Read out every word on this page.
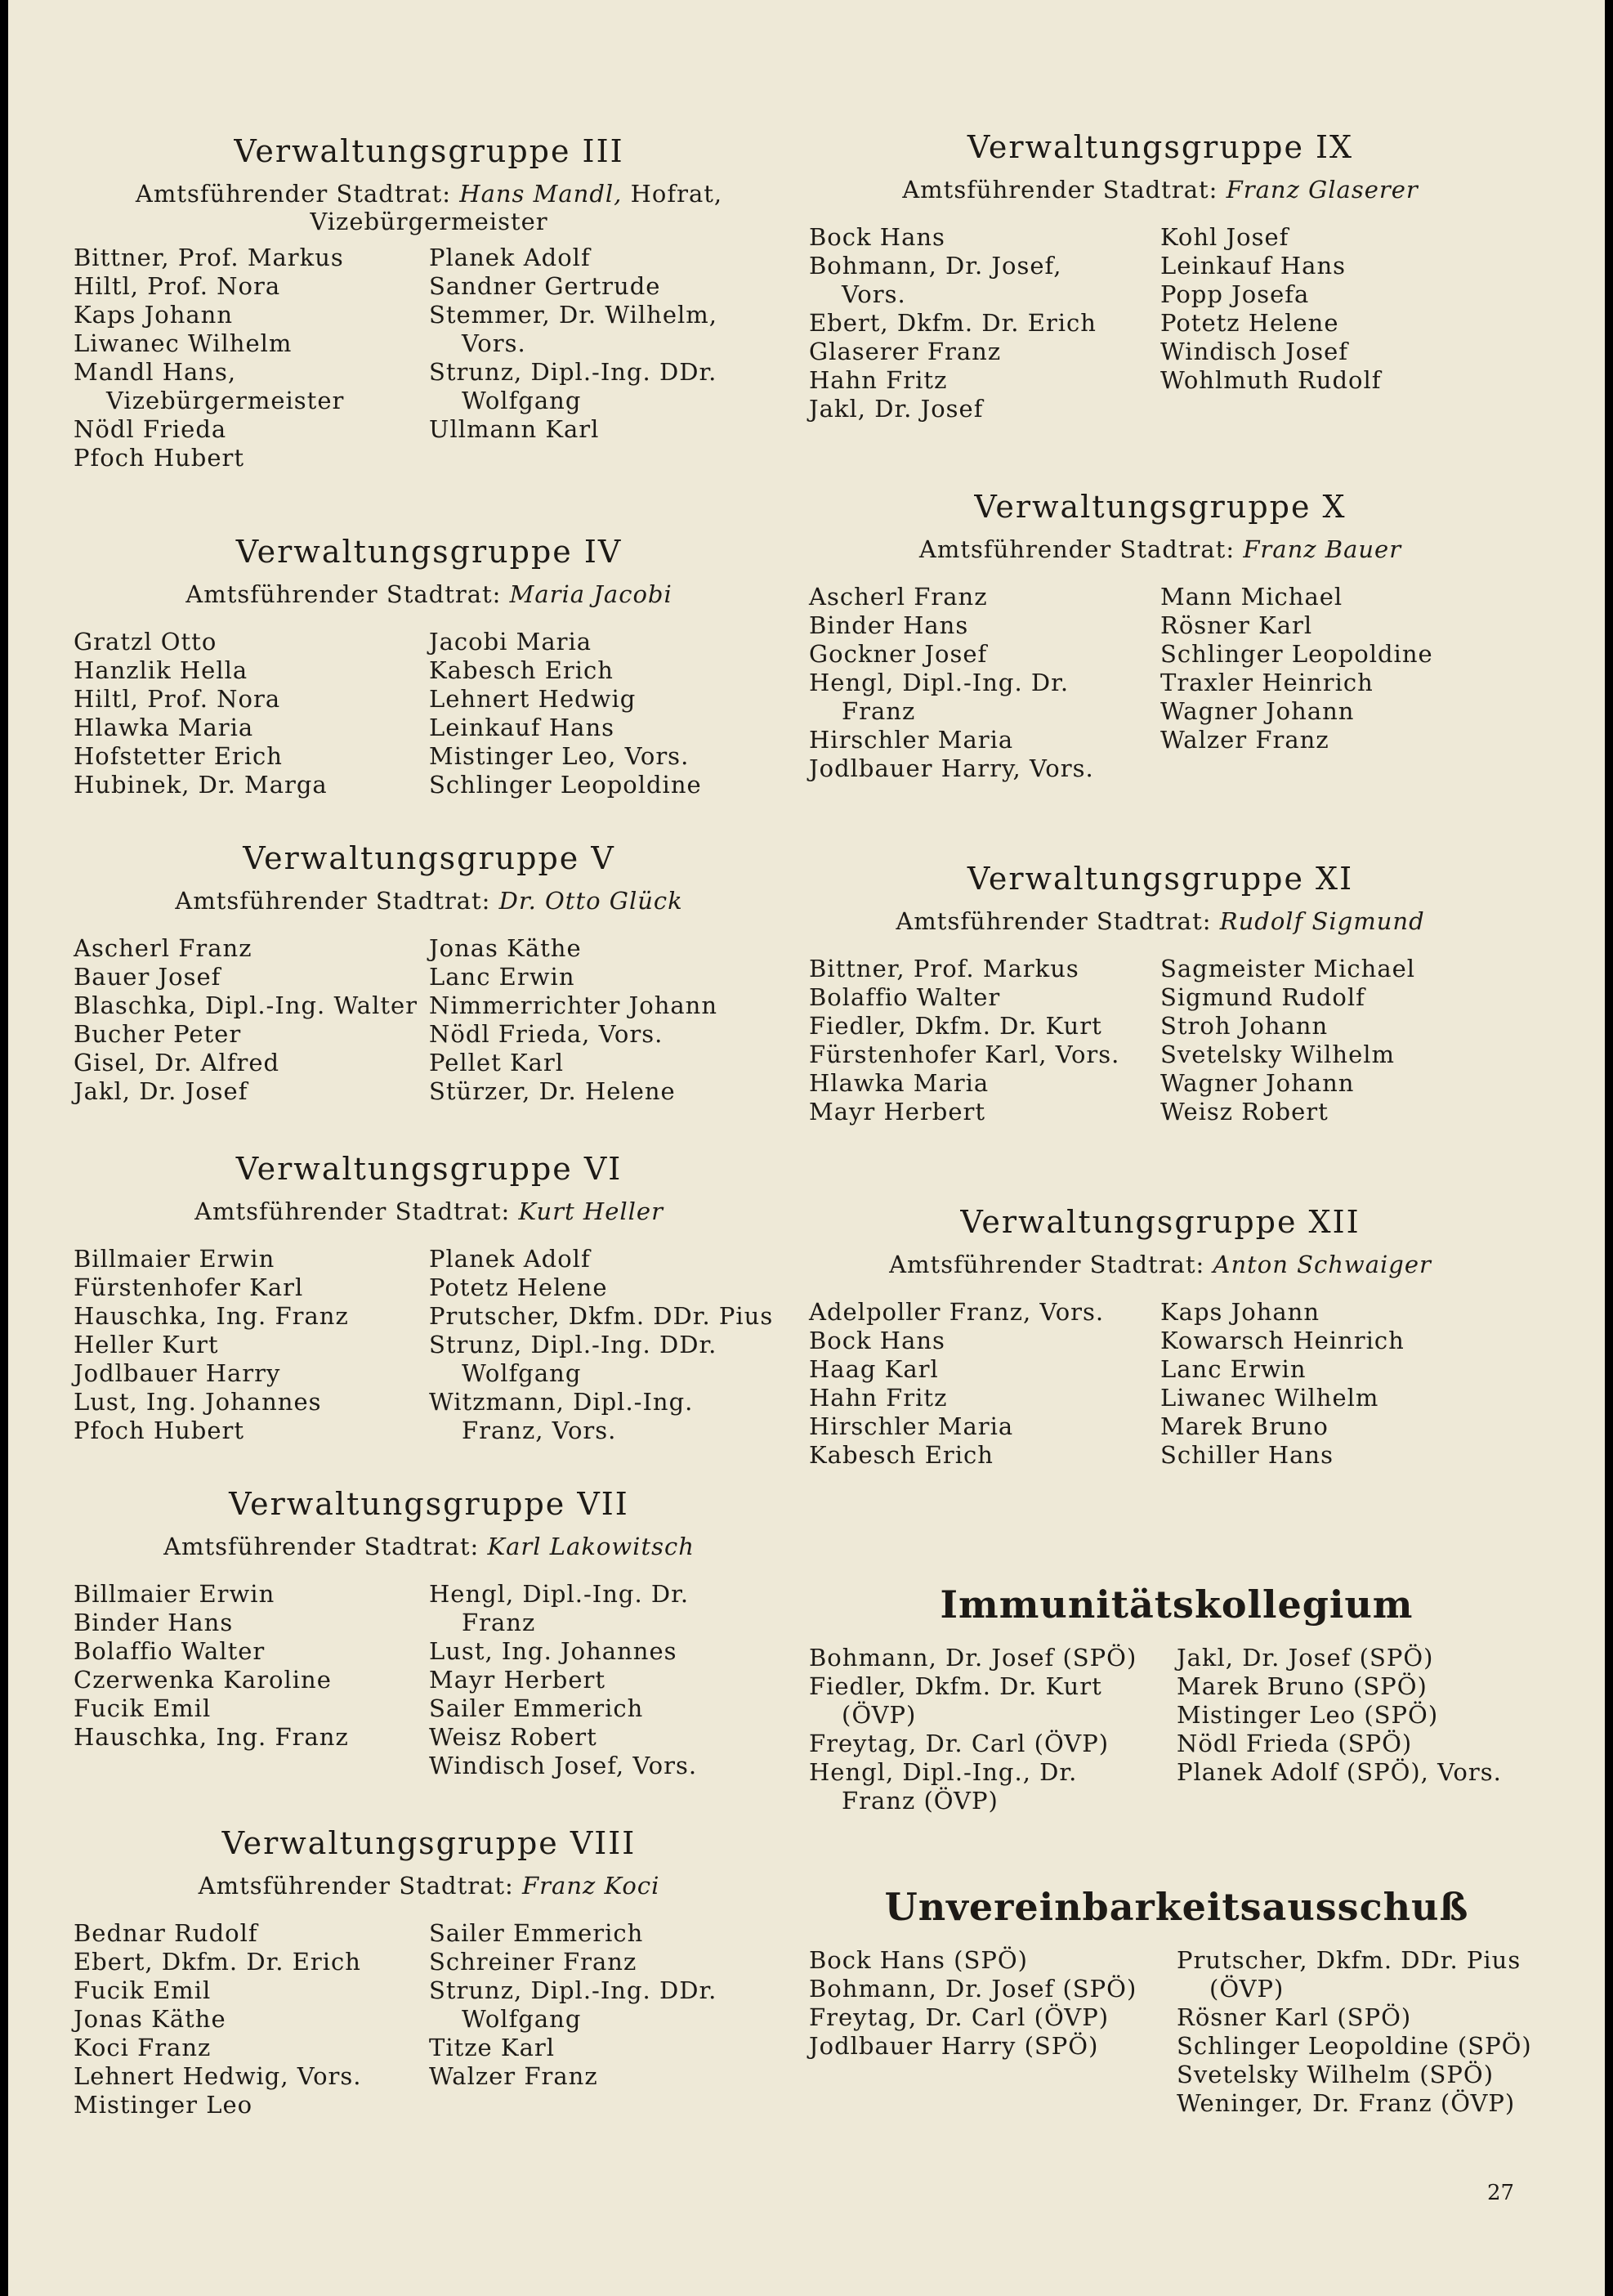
Verwaltungsgruppe III
Amtsführender Stadtrat: Hans Mandl, Hofrat,
Vizebürgermeister
Bittner, Prof. Markus
Hiltl, Prof. Nora
Kaps Johann
Liwanec Wilhelm
Mandl Hans,
Vizebürgermeister
Nödl Frieda
Pfoch Hubert
Planek Adolf
Sandner Gertrude
Stemmer, Dr. Wilhelm,
Vors.
Strunz, Dipl.-Ing. DDr.
Wolfgang
Ullmann Karl
Verwaltungsgruppe IV
Amtsführender Stadtrat: Maria Jacobi
Gratzl Otto
Hanzlik Hella
Hiltl, Prof. Nora
Hlawka Maria
Hofstetter Erich
Hubinek, Dr. Marga
Jacobi Maria
Kabesch Erich
Lehnert Hedwig
Leinkauf Hans
Mistinger Leo, Vors.
Schlinger Leopoldine
Verwaltungsgruppe V
Amtsführender Stadtrat: Dr. Otto Glück
Ascherl Franz
Bauer Josef
Blaschka, Dipl.-Ing. Walter
Bucher Peter
Gisel, Dr. Alfred
Jakl, Dr. Josef
Jonas Käthe
Lanc Erwin
Nimmerrichter Johann
Nödl Frieda, Vors.
Pellet Karl
Stürzer, Dr. Helene
Verwaltungsgruppe VI
Amtsführender Stadtrat: Kurt Heller
Billmaier Erwin
Fürstenhofer Karl
Hauschka, Ing. Franz
Heller Kurt
Jodlbauer Harry
Lust, Ing. Johannes
Pfoch Hubert
Planek Adolf
Potetz Helene
Prutscher, Dkfm. DDr. Pius
Strunz, Dipl.-Ing. DDr.
Wolfgang
Witzmann, Dipl.-Ing.
Franz, Vors.
Verwaltungsgruppe VII
Amtsführender Stadtrat: Karl Lakowitsch
Billmaier Erwin
Binder Hans
Bolaffio Walter
Czerwenka Karoline
Fucik Emil
Hauschka, Ing. Franz
Hengl, Dipl.-Ing. Dr.
Franz
Lust, Ing. Johannes
Mayr Herbert
Sailer Emmerich
Weisz Robert
Windisch Josef, Vors.
Verwaltungsgruppe VIII
Amtsführender Stadtrat: Franz Koci
Bednar Rudolf
Ebert, Dkfm. Dr. Erich
Fucik Emil
Jonas Käthe
Koci Franz
Lehnert Hedwig, Vors.
Mistinger Leo
Sailer Emmerich
Schreiner Franz
Strunz, Dipl.-Ing. DDr.
Wolfgang
Titze Karl
Walzer Franz
Verwaltungsgruppe IX
Amtsführender Stadtrat: Franz Glaserer
Bock Hans
Bohmann, Dr. Josef,
Vors.
Ebert, Dkfm. Dr. Erich
Glaserer Franz
Hahn Fritz
Jakl, Dr. Josef
Kohl Josef
Leinkauf Hans
Popp Josefa
Potetz Helene
Windisch Josef
Wohlmuth Rudolf
Verwaltungsgruppe X
Amtsführender Stadtrat: Franz Bauer
Ascherl Franz
Binder Hans
Gockner Josef
Hengl, Dipl.-Ing. Dr.
Franz
Hirschler Maria
Jodlbauer Harry, Vors.
Mann Michael
Rösner Karl
Schlinger Leopoldine
Traxler Heinrich
Wagner Johann
Walzer Franz
Verwaltungsgruppe XI
Amtsführender Stadtrat: Rudolf Sigmund
Bittner, Prof. Markus
Bolaffio Walter
Fiedler, Dkfm. Dr. Kurt
Fürstenhofer Karl, Vors.
Hlawka Maria
Mayr Herbert
Sagmeister Michael
Sigmund Rudolf
Stroh Johann
Svetelsky Wilhelm
Wagner Johann
Weisz Robert
Verwaltungsgruppe XII
Amtsführender Stadtrat: Anton Schwaiger
Adelpoller Franz, Vors.
Bock Hans
Haag Karl
Hahn Fritz
Hirschler Maria
Kabesch Erich
Kaps Johann
Kowarsch Heinrich
Lanc Erwin
Liwanec Wilhelm
Marek Bruno
Schiller Hans
Immunitätskollegium
Bohmann, Dr. Josef (SPÖ)
Fiedler, Dkfm. Dr. Kurt
(ÖVP)
Freytag, Dr. Carl (ÖVP)
Hengl, Dipl.-Ing., Dr.
Franz (ÖVP)
Jakl, Dr. Josef (SPÖ)
Marek Bruno (SPÖ)
Mistinger Leo (SPÖ)
Nödl Frieda (SPÖ)
Planek Adolf (SPÖ), Vors.
Unvereinbarkeitsausschuß
Bock Hans (SPÖ)
Bohmann, Dr. Josef (SPÖ)
Freytag, Dr. Carl (ÖVP)
Jodlbauer Harry (SPÖ)
Prutscher, Dkfm. DDr. Pius
(ÖVP)
Rösner Karl (SPÖ)
Schlinger Leopoldine (SPÖ)
Svetelsky Wilhelm (SPÖ)
Weninger, Dr. Franz (ÖVP)
27
